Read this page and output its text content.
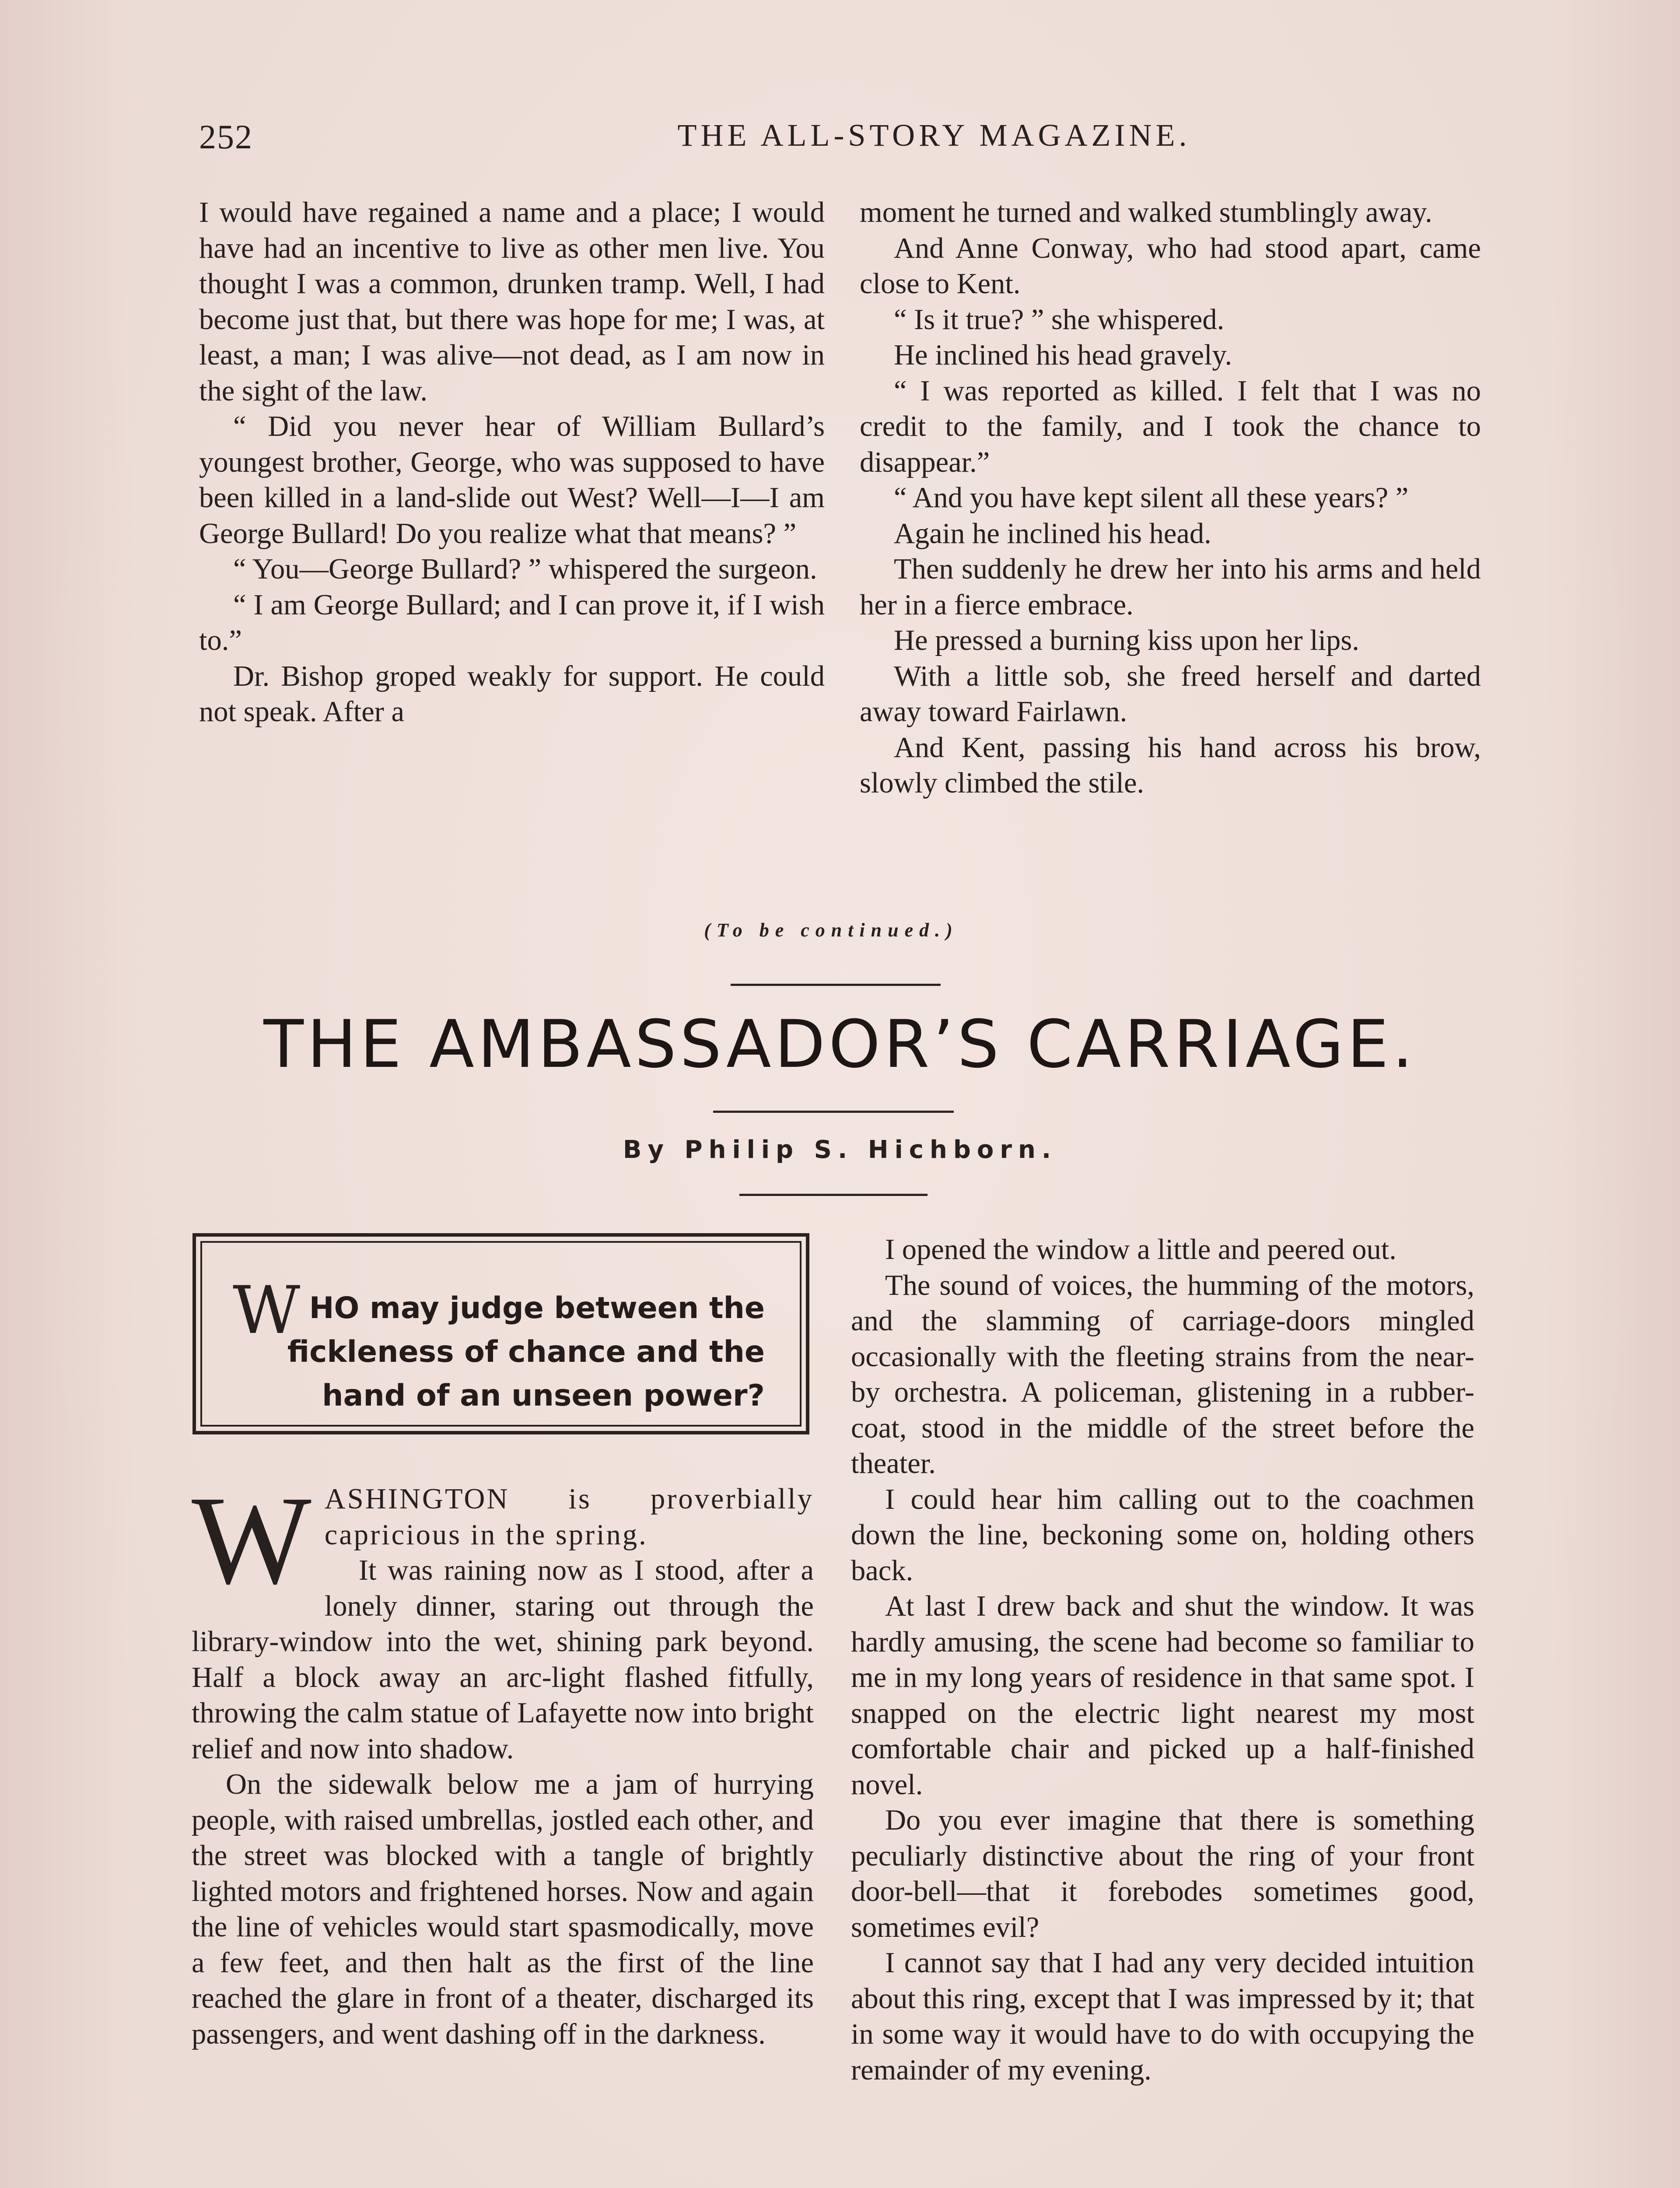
252	THE ALL-STORY MAGAZINE.

I would have regained a name and a place; I would have had an incentive to live as other men live. You thought I was a common, drunken tramp. Well, I had become just that, but there was hope for me; I was, at least, a man; I was alive—not dead, as I am now in the sight of the law.

“ Did you never hear of William Bullard’s youngest brother, George, who was supposed to have been killed in a land-slide out West? Well—I—I am George Bullard! Do you realize what that means? ”

“ You—George Bullard? ” whispered the surgeon.

“ I am George Bullard; and I can prove it, if I wish to.”

Dr. Bishop groped weakly for support. He could not speak. After a

moment he turned and walked stumblingly away.

And Anne Conway, who had stood apart, came close to Kent.

“ Is it true? ” she whispered.

He inclined his head gravely.

“ I was reported as killed. I felt that I was no credit to the family, and I took the chance to disappear.”

“ And you have kept silent all these years? ”

Again he inclined his head.

Then suddenly he drew her into his arms and held her in a fierce embrace.

He pressed a burning kiss upon her lips.

With a little sob, she freed herself and darted away toward Fairlawn.

And Kent, passing his hand across his brow, slowly climbed the stile.

(To be continued.)
THE AMBASSADOR’S CARRIAGE.
By Philip S. Hichborn.
W HO may judge between the fickleness of chance and the hand of an unseen power?

WASHINGTON is proverbially capricious in the spring.

It was raining now as I stood, after a lonely dinner, staring out through the library-window into the wet, shining park beyond. Half a block away an arc-light flashed fitfully, throwing the calm statue of Lafayette now into bright relief and now into shadow.

On the sidewalk below me a jam of hurrying people, with raised umbrellas, jostled each other, and the street was blocked with a tangle of brightly lighted motors and frightened horses. Now and again the line of vehicles would start spasmodically, move a few feet, and then halt as the first of the line reached the glare in front of a theater, discharged its passengers, and went dashing off in the darkness.

I opened the window a little and peered out.

The sound of voices, the humming of the motors, and the slamming of carriage-doors mingled occasionally with the fleeting strains from the near-by orchestra. A policeman, glistening in a rubber-coat, stood in the middle of the street before the theater.

I could hear him calling out to the coachmen down the line, beckoning some on, holding others back.

At last I drew back and shut the window. It was hardly amusing, the scene had become so familiar to me in my long years of residence in that same spot. I snapped on the electric light nearest my most comfortable chair and picked up a half-finished novel.

Do you ever imagine that there is something peculiarly distinctive about the ring of your front door-bell—that it forebodes sometimes good, sometimes evil?

I cannot say that I had any very decided intuition about this ring, except that I was impressed by it; that in some way it would have to do with occupying the remainder of my evening.
